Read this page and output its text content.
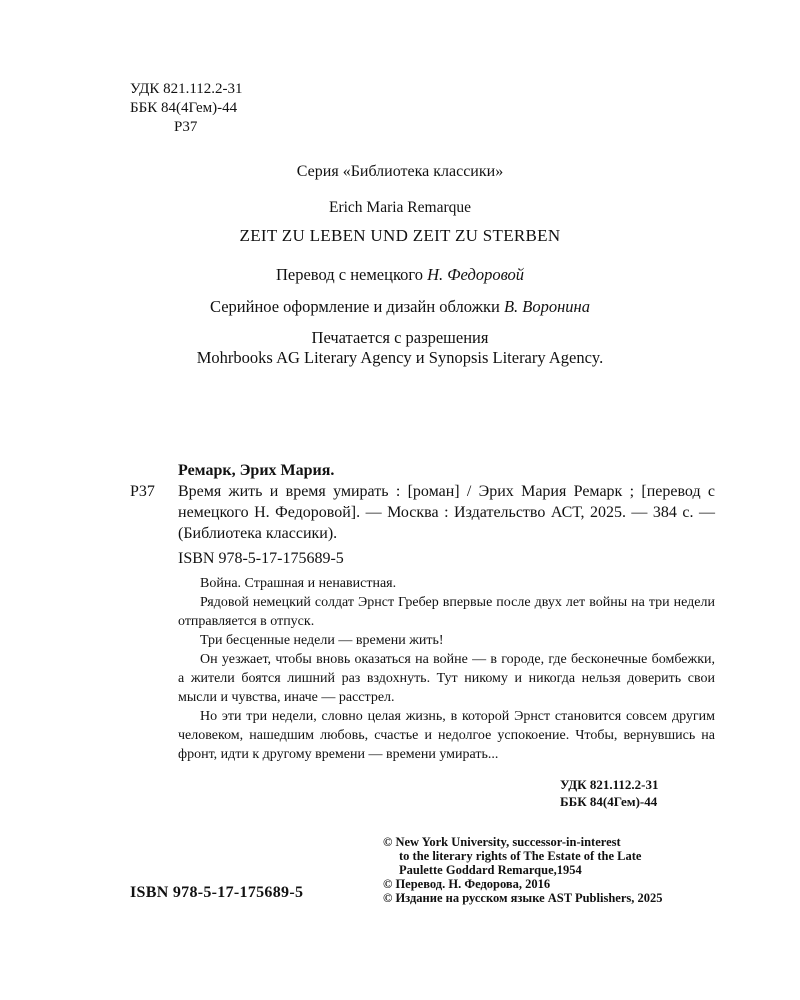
УДК 821.112.2-31
ББК 84(4Гем)-44
Р37
Серия «Библиотека классики»
Erich Maria Remarque
ZEIT ZU LEBEN UND ZEIT ZU STERBEN
Перевод с немецкого Н. Федоровой
Серийное оформление и дизайн обложки В. Воронина
Печатается с разрешения
Mohrbooks AG Literary Agency и Synopsis Literary Agency.
Ремарк, Эрих Мария.
Р37 Время жить и время умирать : [роман] / Эрих Мария Ремарк ; [перевод с немецкого Н. Федоровой]. — Москва : Издательство АСТ, 2025. — 384 с. — (Библиотека классики).
ISBN 978-5-17-175689-5

Война. Страшная и ненавистная.

Рядовой немецкий солдат Эрнст Гребер впервые после двух лет войны на три недели отправляется в отпуск.

Три бесценные недели — времени жить!

Он уезжает, чтобы вновь оказаться на войне — в городе, где бесконечные бомбежки, а жители боятся лишний раз вздохнуть. Тут никому и никогда нельзя доверить свои мысли и чувства, иначе — расстрел.

Но эти три недели, словно целая жизнь, в которой Эрнст становится совсем другим человеком, нашедшим любовь, счастье и недолгое успокоение. Чтобы, вернувшись на фронт, идти к другому времени — времени умирать...

УДК 821.112.2-31
ББК 84(4Гем)-44
© New York University, successor-in-interest
to the literary rights of The Estate of the Late
Paulette Goddard Remarque,1954
© Перевод. Н. Федорова, 2016
© Издание на русском языке AST Publishers, 2025
ISBN 978-5-17-175689-5
